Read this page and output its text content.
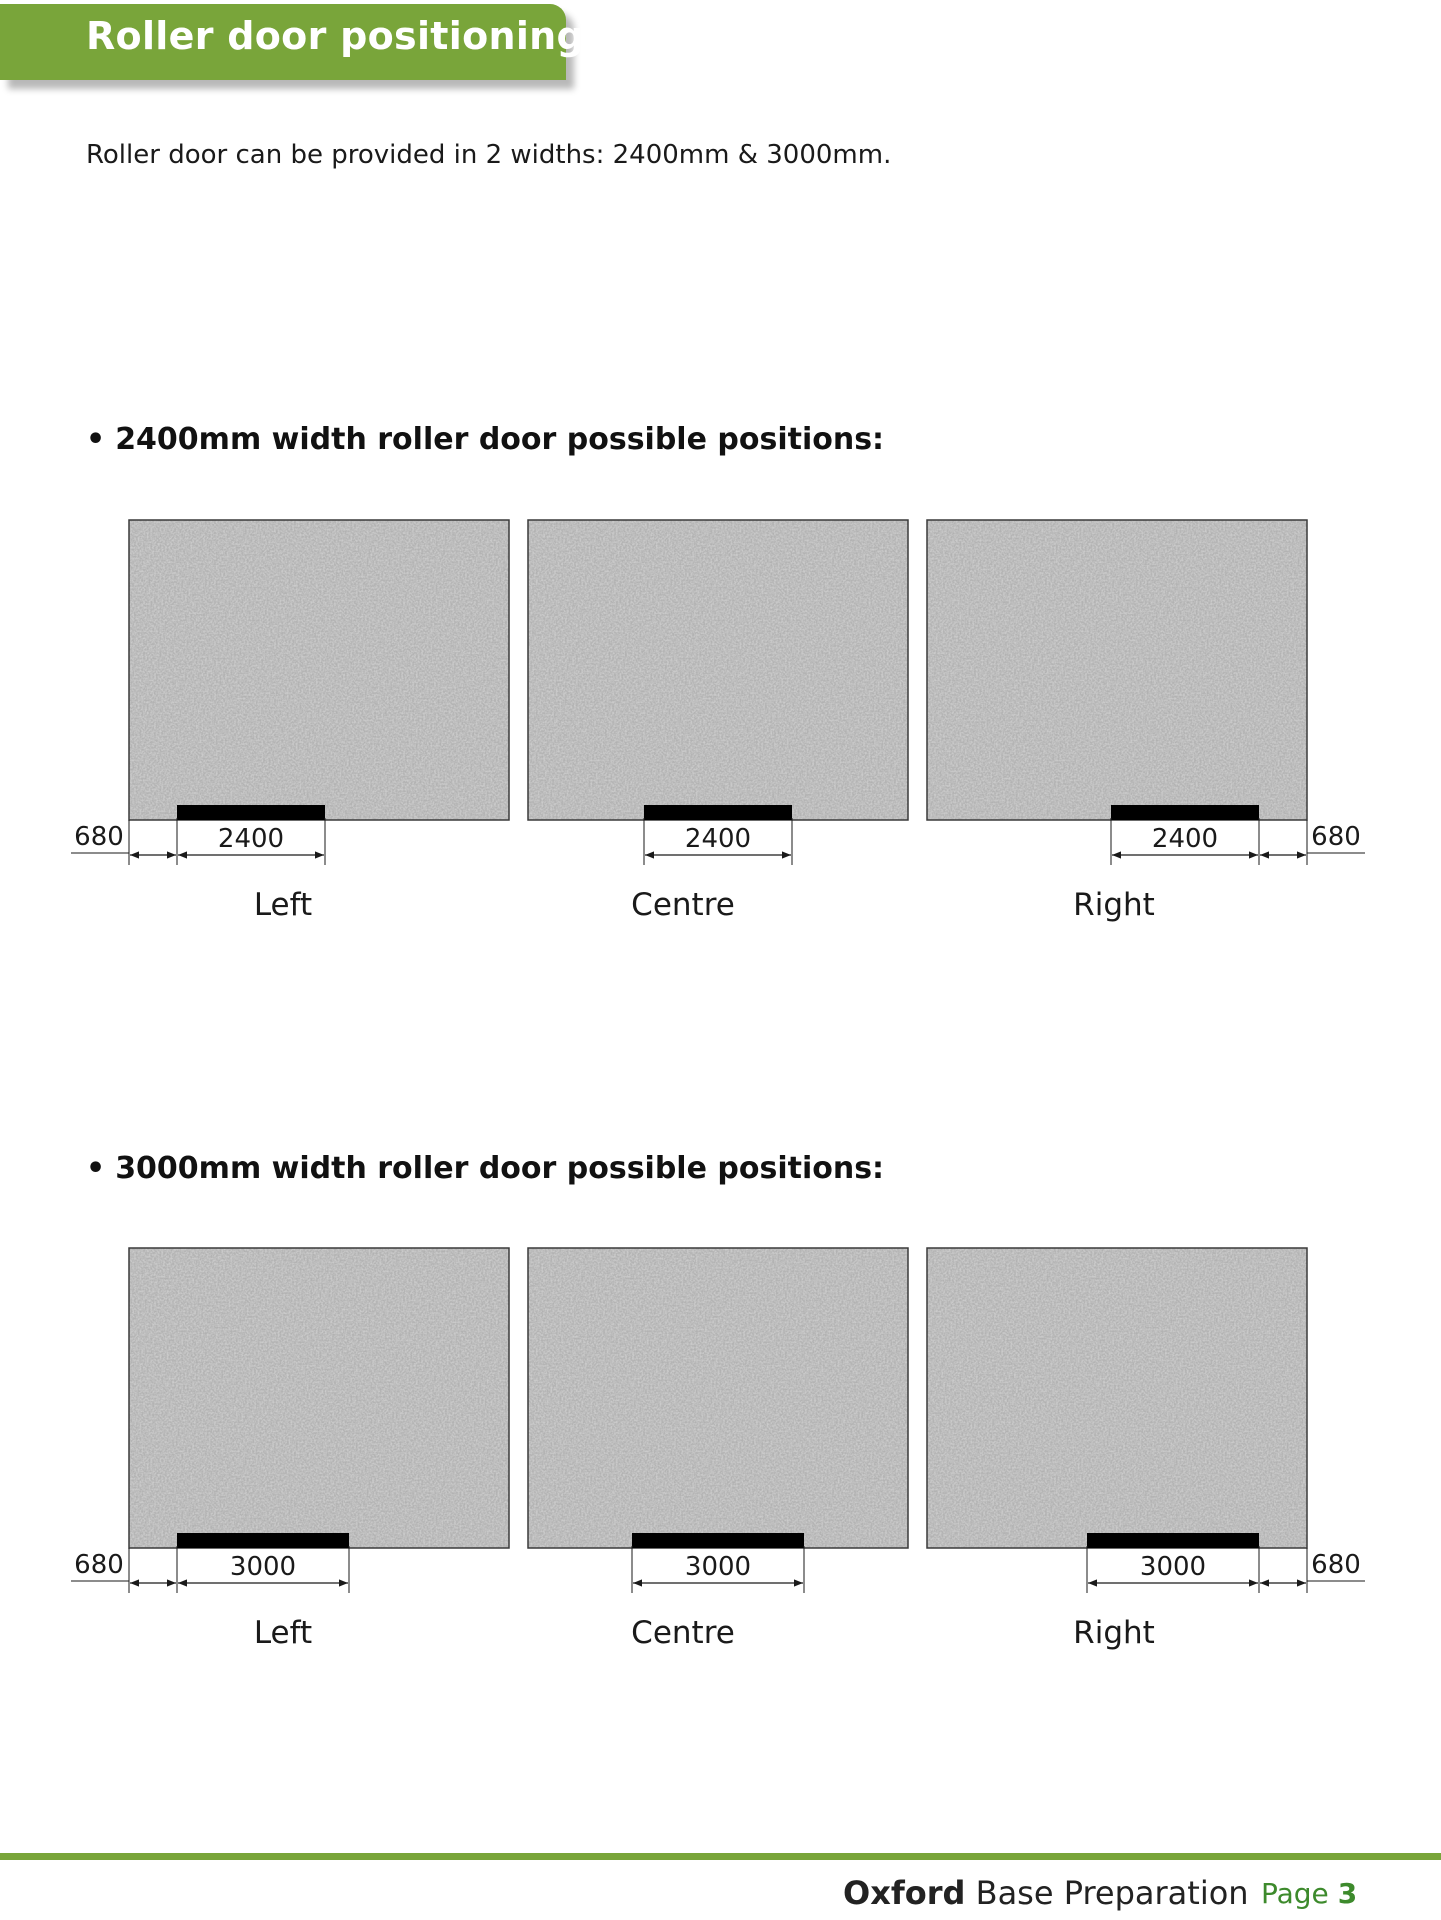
Roller door positioning

Roller door can be provided in 2 widths: 2400mm & 3000mm.

• 2400mm width roller door possible positions:

• 3000mm width roller door possible positions:

2400
680
Left
2400
Centre
2400	680
Right
3000
680
Left
3000
Centre
3000	680
Right

Oxford Base Preparation Page 3
